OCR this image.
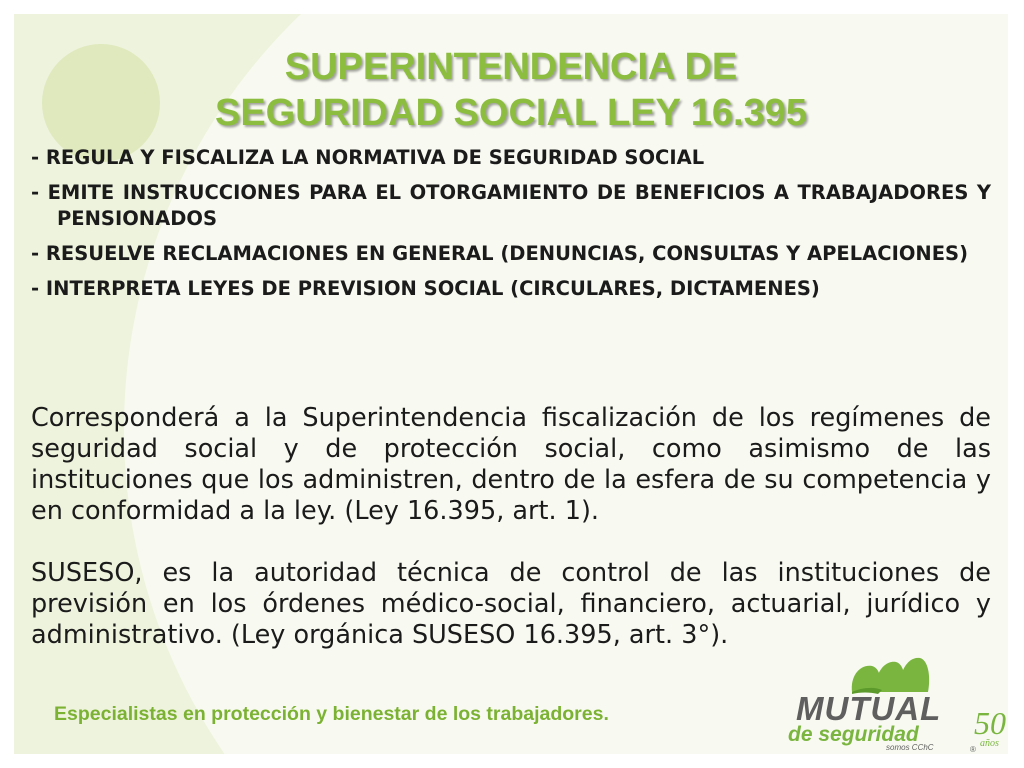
SUPERINTENDENCIA DE
SEGURIDAD SOCIAL LEY 16.395
- REGULA Y FISCALIZA LA NORMATIVA DE SEGURIDAD SOCIAL
- EMITE INSTRUCCIONES PARA EL OTORGAMIENTO DE BENEFICIOS A TRABAJADORES Y PENSIONADOS
- RESUELVE RECLAMACIONES EN GENERAL (DENUNCIAS, CONSULTAS Y APELACIONES)
- INTERPRETA LEYES DE PREVISION SOCIAL (CIRCULARES, DICTAMENES)

Corresponderá a la Superintendencia fiscalización de los regímenes de seguridad social y de protección social, como asimismo de las instituciones que los administren, dentro de la esfera de su competencia y en conformidad a la ley. (Ley 16.395, art. 1).

SUSESO, es la autoridad técnica de control de las instituciones de previsión en los órdenes médico-social, financiero, actuarial, jurídico y administrativo. (Ley orgánica SUSESO 16.395, art. 3°).

Especialistas en protección y bienestar de los trabajadores.	MUTUAL
de seguridad
somos CChC
50
años
®
